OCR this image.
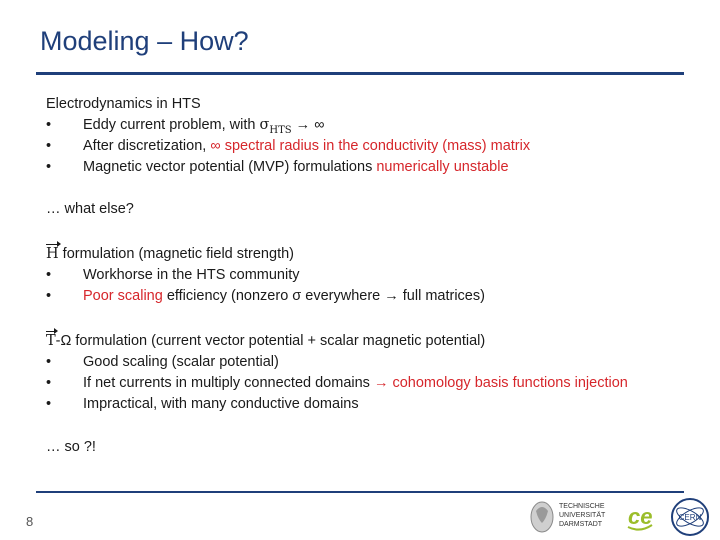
Modeling – How?
Electrodynamics in HTS
•	Eddy current problem, with $\sigma_{HTS}$ → ∞
•	After discretization, ∞ spectral radius in the conductivity (mass) matrix
•	Magnetic vector potential (MVP) formulations numerically unstable
… what else?
H formulation (magnetic field strength)
•	Workhorse in the HTS community
•	Poor scaling efficiency (nonzero σ everywhere → full matrices)
T-Ω formulation (current vector potential + scalar magnetic potential)
•	Good scaling (scalar potential)
•	If net currents in multiply connected domains → cohomology basis functions injection
•	Impractical, with many conductive domains
… so ?!
8
TECHNISCHE
UNIVERSITÄT
DARMSTADT ce	CERN
